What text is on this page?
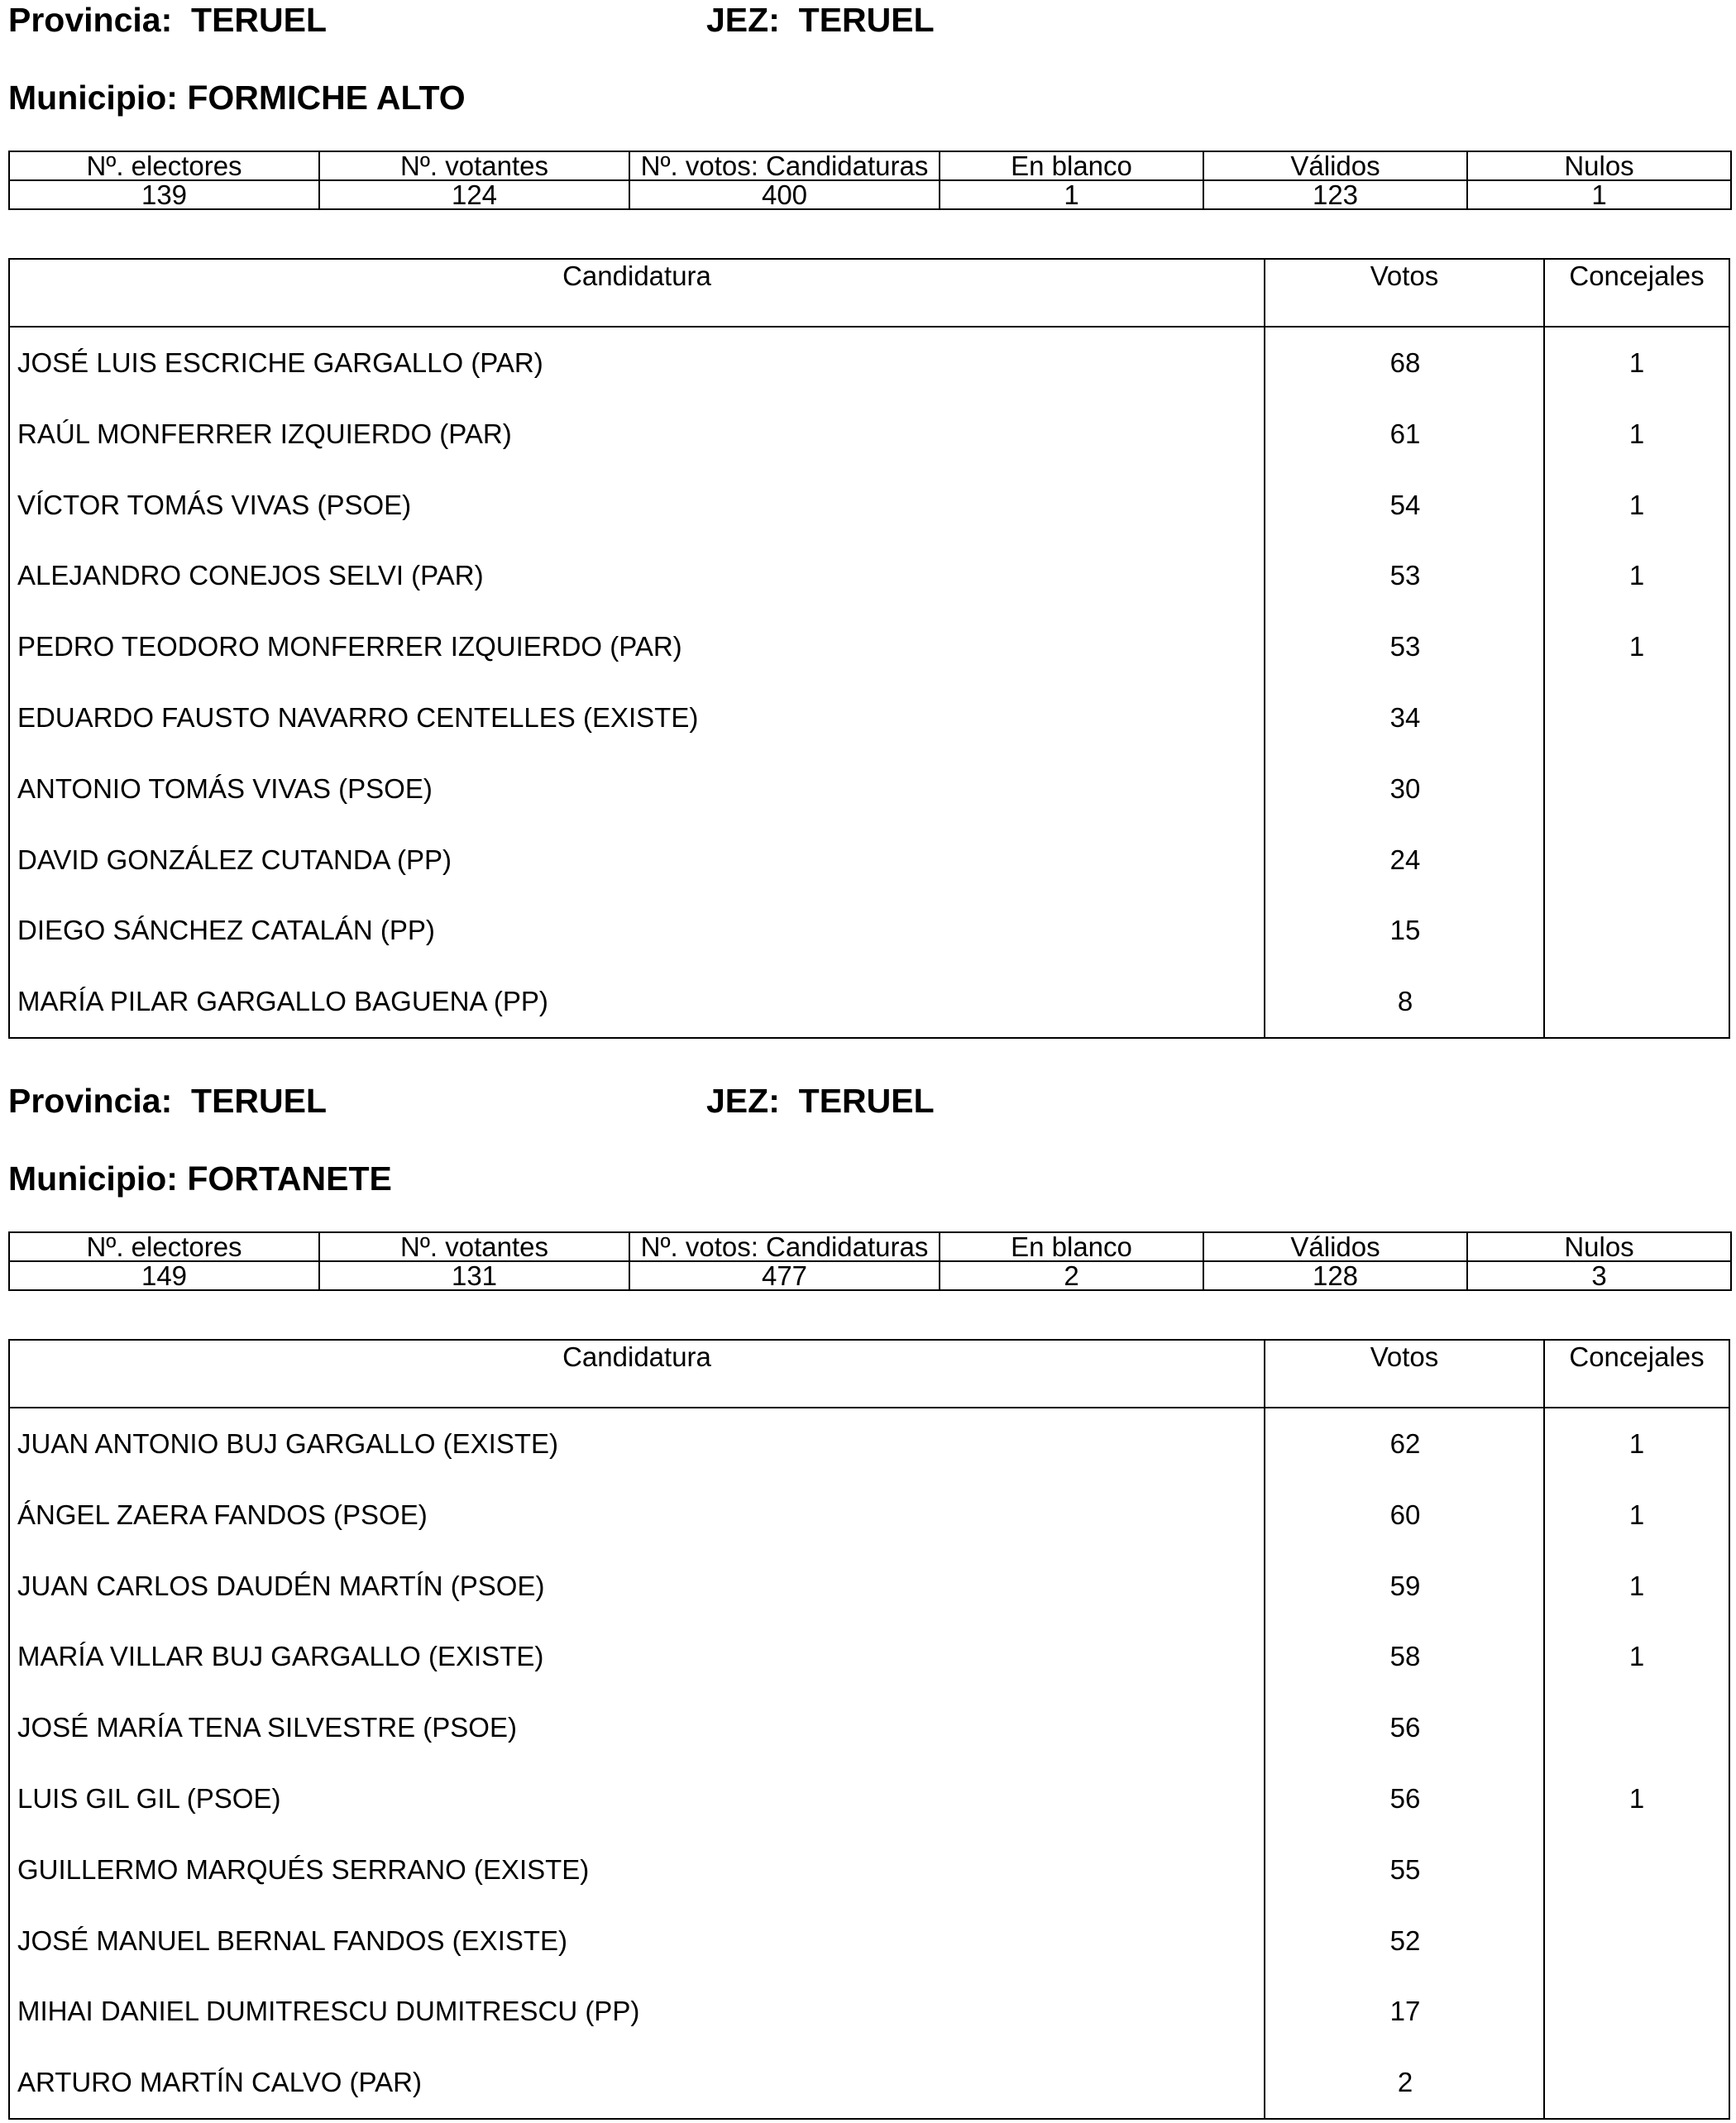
Provincia: TERUEL	JEZ: TERUEL
Municipio: FORMICHE ALTO
Nº. electores	Nº. votantes	Nº. votos: Candidaturas	En blanco	Válidos	Nulos
139	124	400	1	123	1
Candidatura	Votos	Concejales
JOSÉ LUIS ESCRICHE GARGALLO (PAR)	68	1
RAÚL MONFERRER IZQUIERDO (PAR)	61	1
VÍCTOR TOMÁS VIVAS (PSOE)	54	1
ALEJANDRO CONEJOS SELVI (PAR)	53	1
PEDRO TEODORO MONFERRER IZQUIERDO (PAR)	53	1
EDUARDO FAUSTO NAVARRO CENTELLES (EXISTE)	34
ANTONIO TOMÁS VIVAS (PSOE)	30
DAVID GONZÁLEZ CUTANDA (PP)	24
DIEGO SÁNCHEZ CATALÁN (PP)	15
MARÍA PILAR GARGALLO BAGUENA (PP)	8
Provincia: TERUEL	JEZ: TERUEL
Municipio: FORTANETE
Nº. electores	Nº. votantes	Nº. votos: Candidaturas	En blanco	Válidos	Nulos
149	131	477	2	128	3
Candidatura	Votos	Concejales
JUAN ANTONIO BUJ GARGALLO (EXISTE)	62	1
ÁNGEL ZAERA FANDOS (PSOE)	60	1
JUAN CARLOS DAUDÉN MARTÍN (PSOE)	59	1
MARÍA VILLAR BUJ GARGALLO (EXISTE)	58	1
JOSÉ MARÍA TENA SILVESTRE (PSOE)	56
LUIS GIL GIL (PSOE)	56	1
GUILLERMO MARQUÉS SERRANO (EXISTE)	55
JOSÉ MANUEL BERNAL FANDOS (EXISTE)	52
MIHAI DANIEL DUMITRESCU DUMITRESCU (PP)	17
ARTURO MARTÍN CALVO (PAR)	2
